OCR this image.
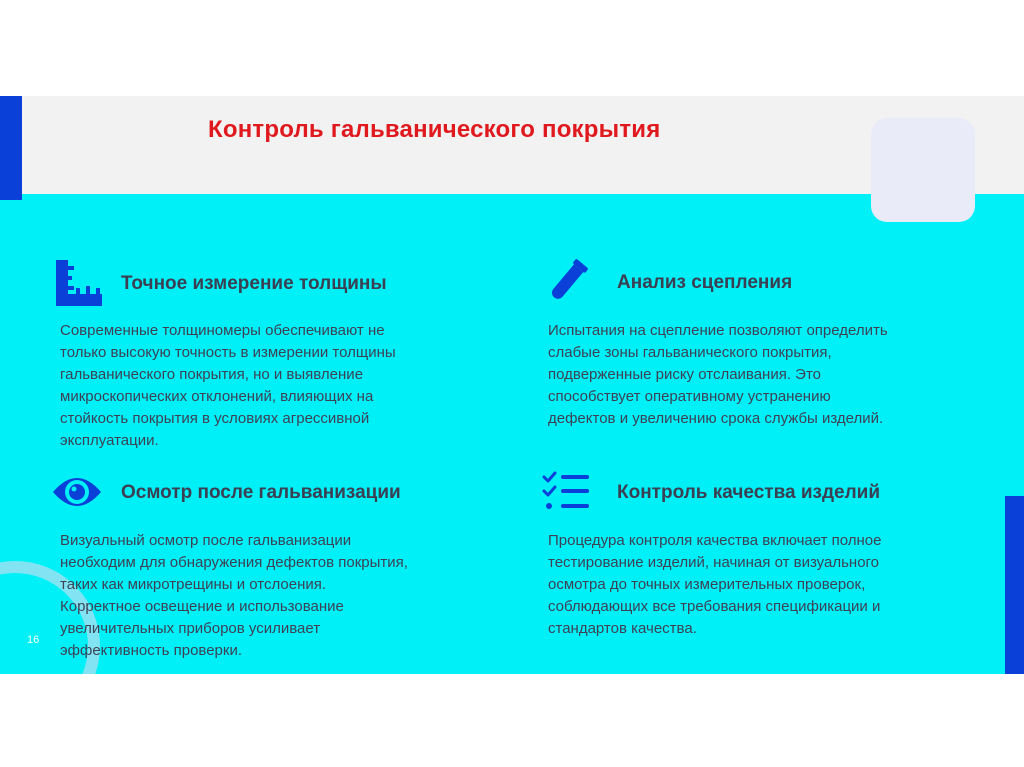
Контроль гальванического покрытия
Точное измерение толщины
Современные толщиномеры обеспечивают не
только высокую точность в измерении толщины
гальванического покрытия, но и выявление
микроскопических отклонений, влияющих на
стойкость покрытия в условиях агрессивной
эксплуатации.
Анализ сцепления
Испытания на сцепление позволяют определить
слабые зоны гальванического покрытия,
подверженные риску отслаивания. Это
способствует оперативному устранению
дефектов и увеличению срока службы изделий.
Осмотр после гальванизации
Визуальный осмотр после гальванизации
необходим для обнаружения дефектов покрытия,
таких как микротрещины и отслоения.
Корректное освещение и использование
увеличительных приборов усиливает
эффективность проверки.
Контроль качества изделий
Процедура контроля качества включает полное
тестирование изделий, начиная от визуального
осмотра до точных измерительных проверок,
соблюдающих все требования спецификации и
стандартов качества.
16
